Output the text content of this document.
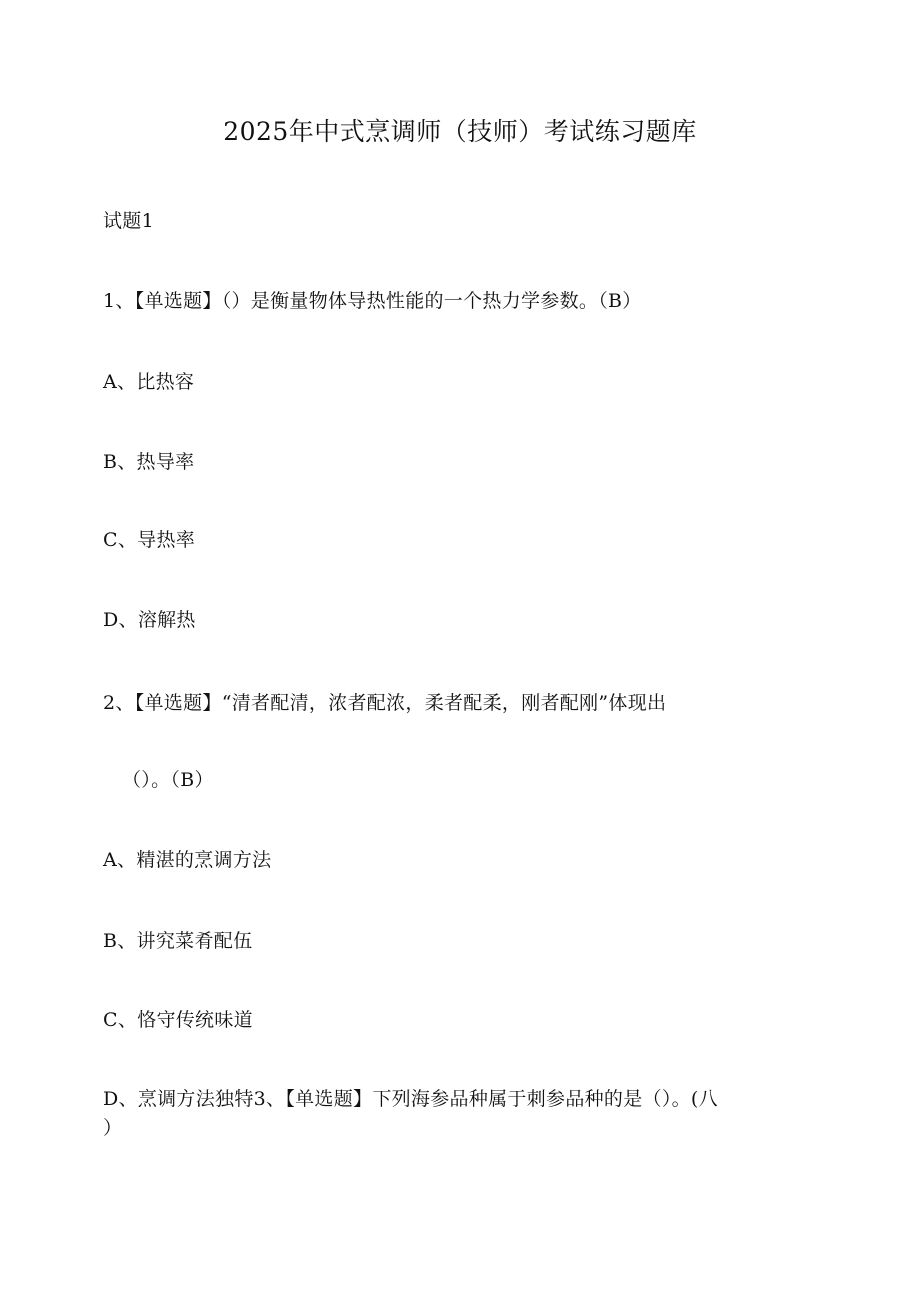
2025年中式烹调师（技师）考试练习题库
试题1
1、【单选题】（）是衡量物体导热性能的一个热力学参数。（B）
A、比热容
B、热导率
C、导热率
D、溶解热
2、【单选题】“清者配清，浓者配浓，柔者配柔，刚者配刚”体现出
（）。（B）
A、精湛的烹调方法
B、讲究菜肴配伍
C、恪守传统味道
D、烹调方法独特3、【单选题】下列海参品种属于刺参品种的是（）。(八
）
